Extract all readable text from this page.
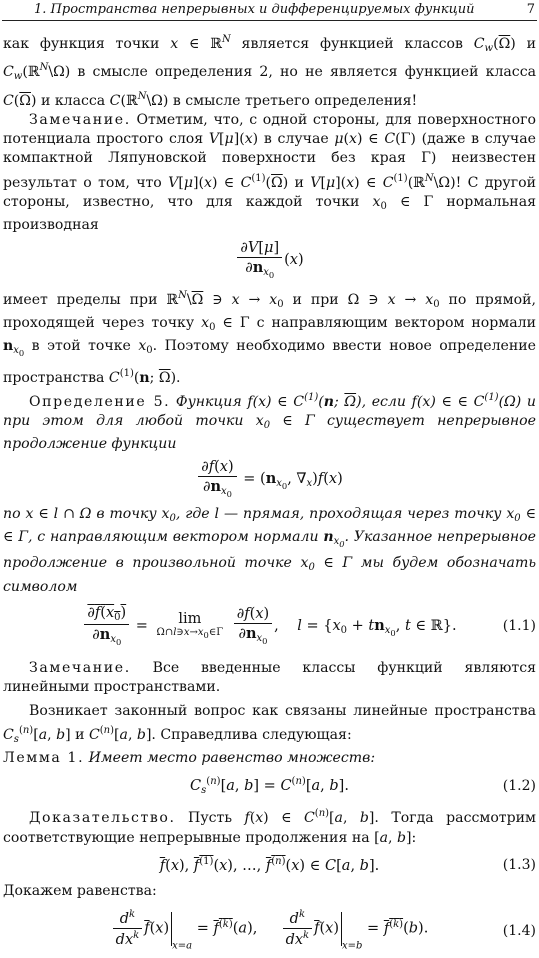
1. Пространства непрерывных и дифференцируемых функций	7

как функция точки x ∈ ℝ$^N$ является функцией классов $C_w(\overline{\Omega})$ и $C_w(ℝ^N\backslash\Omega)$ в смысле определения 2, но не является функцией класса $C(\overline{\Omega})$ и класса C(ℝ$^N$\Ω) в смысле третьего определения!

Замечание. Отметим, что, с одной стороны, для поверхностного потенциала простого слоя V[μ](x) в случае μ(x) ∈ C(Γ) (даже в случае компактной Ляпуновской поверхности без края Γ) неизвестен результат о том, что V[μ](x) ∈ $C^{(1)}(\overline{\Omega})$ и V[μ](x) ∈ $C^{(1)}(ℝ^N\backslash\Omega)$! С другой стороны, известно, что для каждой точки $x_0$ ∈ Γ нормальная производная

$\frac{\partial V[\mu]}{\partial n_{x_0}} (x)$

имеет пределы при $ℝ^N\backslash\overline{\Omega}$ ∋ $x \to x_0$ и при Ω ∋ $x \to x_0$ по прямой, проходящей через точку $x_0$ ∈ Γ с направляющим вектором нормали $n_{x_0}$ в этой точке $x_0$. Поэтому необходимо ввести новое определение пространства $C^{(1)}(n$; $\overline{\Omega}$).

Определение 5. Функция f(x) ∈ $C^{(1)}(n$; $\overline{\Omega}$), если f(x) ∈ ∈ $C^{(1)}(\Omega)$ и при этом для любой точки $x_0$ ∈ Γ существует непрерывное продолжение функции

$\frac{\partial f(x)}{\partial n_{x_0}} = (n_{x_0}$, $\nabla_x)f(x)$

по x ∈ l ∩ Ω в точку $x_0$, где l — прямая, проходящая через точку $x_0$ ∈ ∈ Γ, с направляющим вектором нормали $n_{x_0}$. Указанное непрерывное продолжение в произвольной точке $x_0$ ∈ Γ мы будем обозначать символом

$\frac{\partial f(x_0)}{\partial n_{x_0}}$ =	lim
$\Omega\cap l∋x\to x_0\in\Gamma$
$\frac{\partial f(x)}{\partial n_{x_0}}$ ,    $l = \{x_0 + tn_{x_0}$, t ∈ ℝ}.	(1.1)

Замечание. Все введенные классы функций являются линейными пространствами.

Возникает законный вопрос как связаны линейные пространства $C_s^{(n)}[a$, b] и $C^{(n)}[a$, b]. Справедлива следующая:

Лемма 1. Имеет место равенство множеств:

$C_s^{(n)}[a$, $b] = C^{(n)}[a$, b].	(1.2)

Доказательство. Пусть f(x) ∈ $C^{(n)}[a$, b]. Тогда рассмотрим соответствующие непрерывные продолжения на [a, b]:

$\overline{f}(x)$, $f^{(1)}(x)$, …, $f^{(n)}(x)$ ∈ C[a, b].	(1.3)

Докажем равенства:

$\frac{d^k}{dx^k} \overline{f}(x)_{x=a} = f^{(k)}(a)$, $\frac{d^k}{dx^k} \overline{f}(x)_{x=b} = f^{(k)}(b)$.	(1.4)
